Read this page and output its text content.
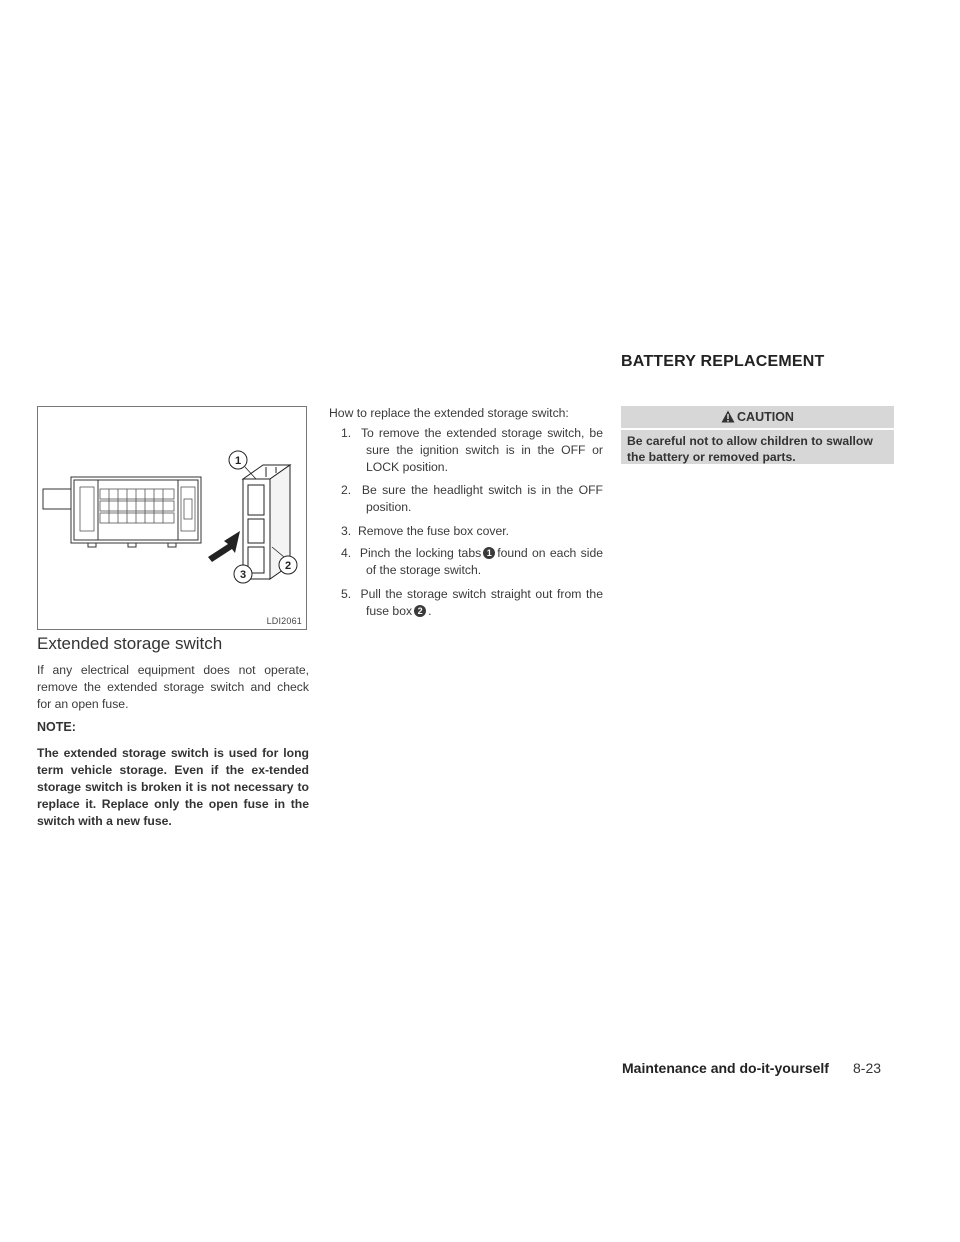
1
2
3
LDI2061
Extended storage switch
If any electrical equipment does not operate, remove the extended storage switch and check for an open fuse.
NOTE:
The extended storage switch is used for long term vehicle storage. Even if the ex-tended storage switch is broken it is not necessary to replace it. Replace only the open fuse in the switch with a new fuse.
How to replace the extended storage switch:
1. To remove the extended storage switch, be sure the ignition switch is in the OFF or LOCK position.
2. Be sure the headlight switch is in the OFF position.
3. Remove the fuse box cover.
4. Pinch the locking tabs 1 found on each side of the storage switch.
5. Pull the storage switch straight out from the fuse box 2 .
BATTERY REPLACEMENT
CAUTION
Be careful not to allow children to swallow the battery or removed parts.
Maintenance and do-it-yourself 8-23
